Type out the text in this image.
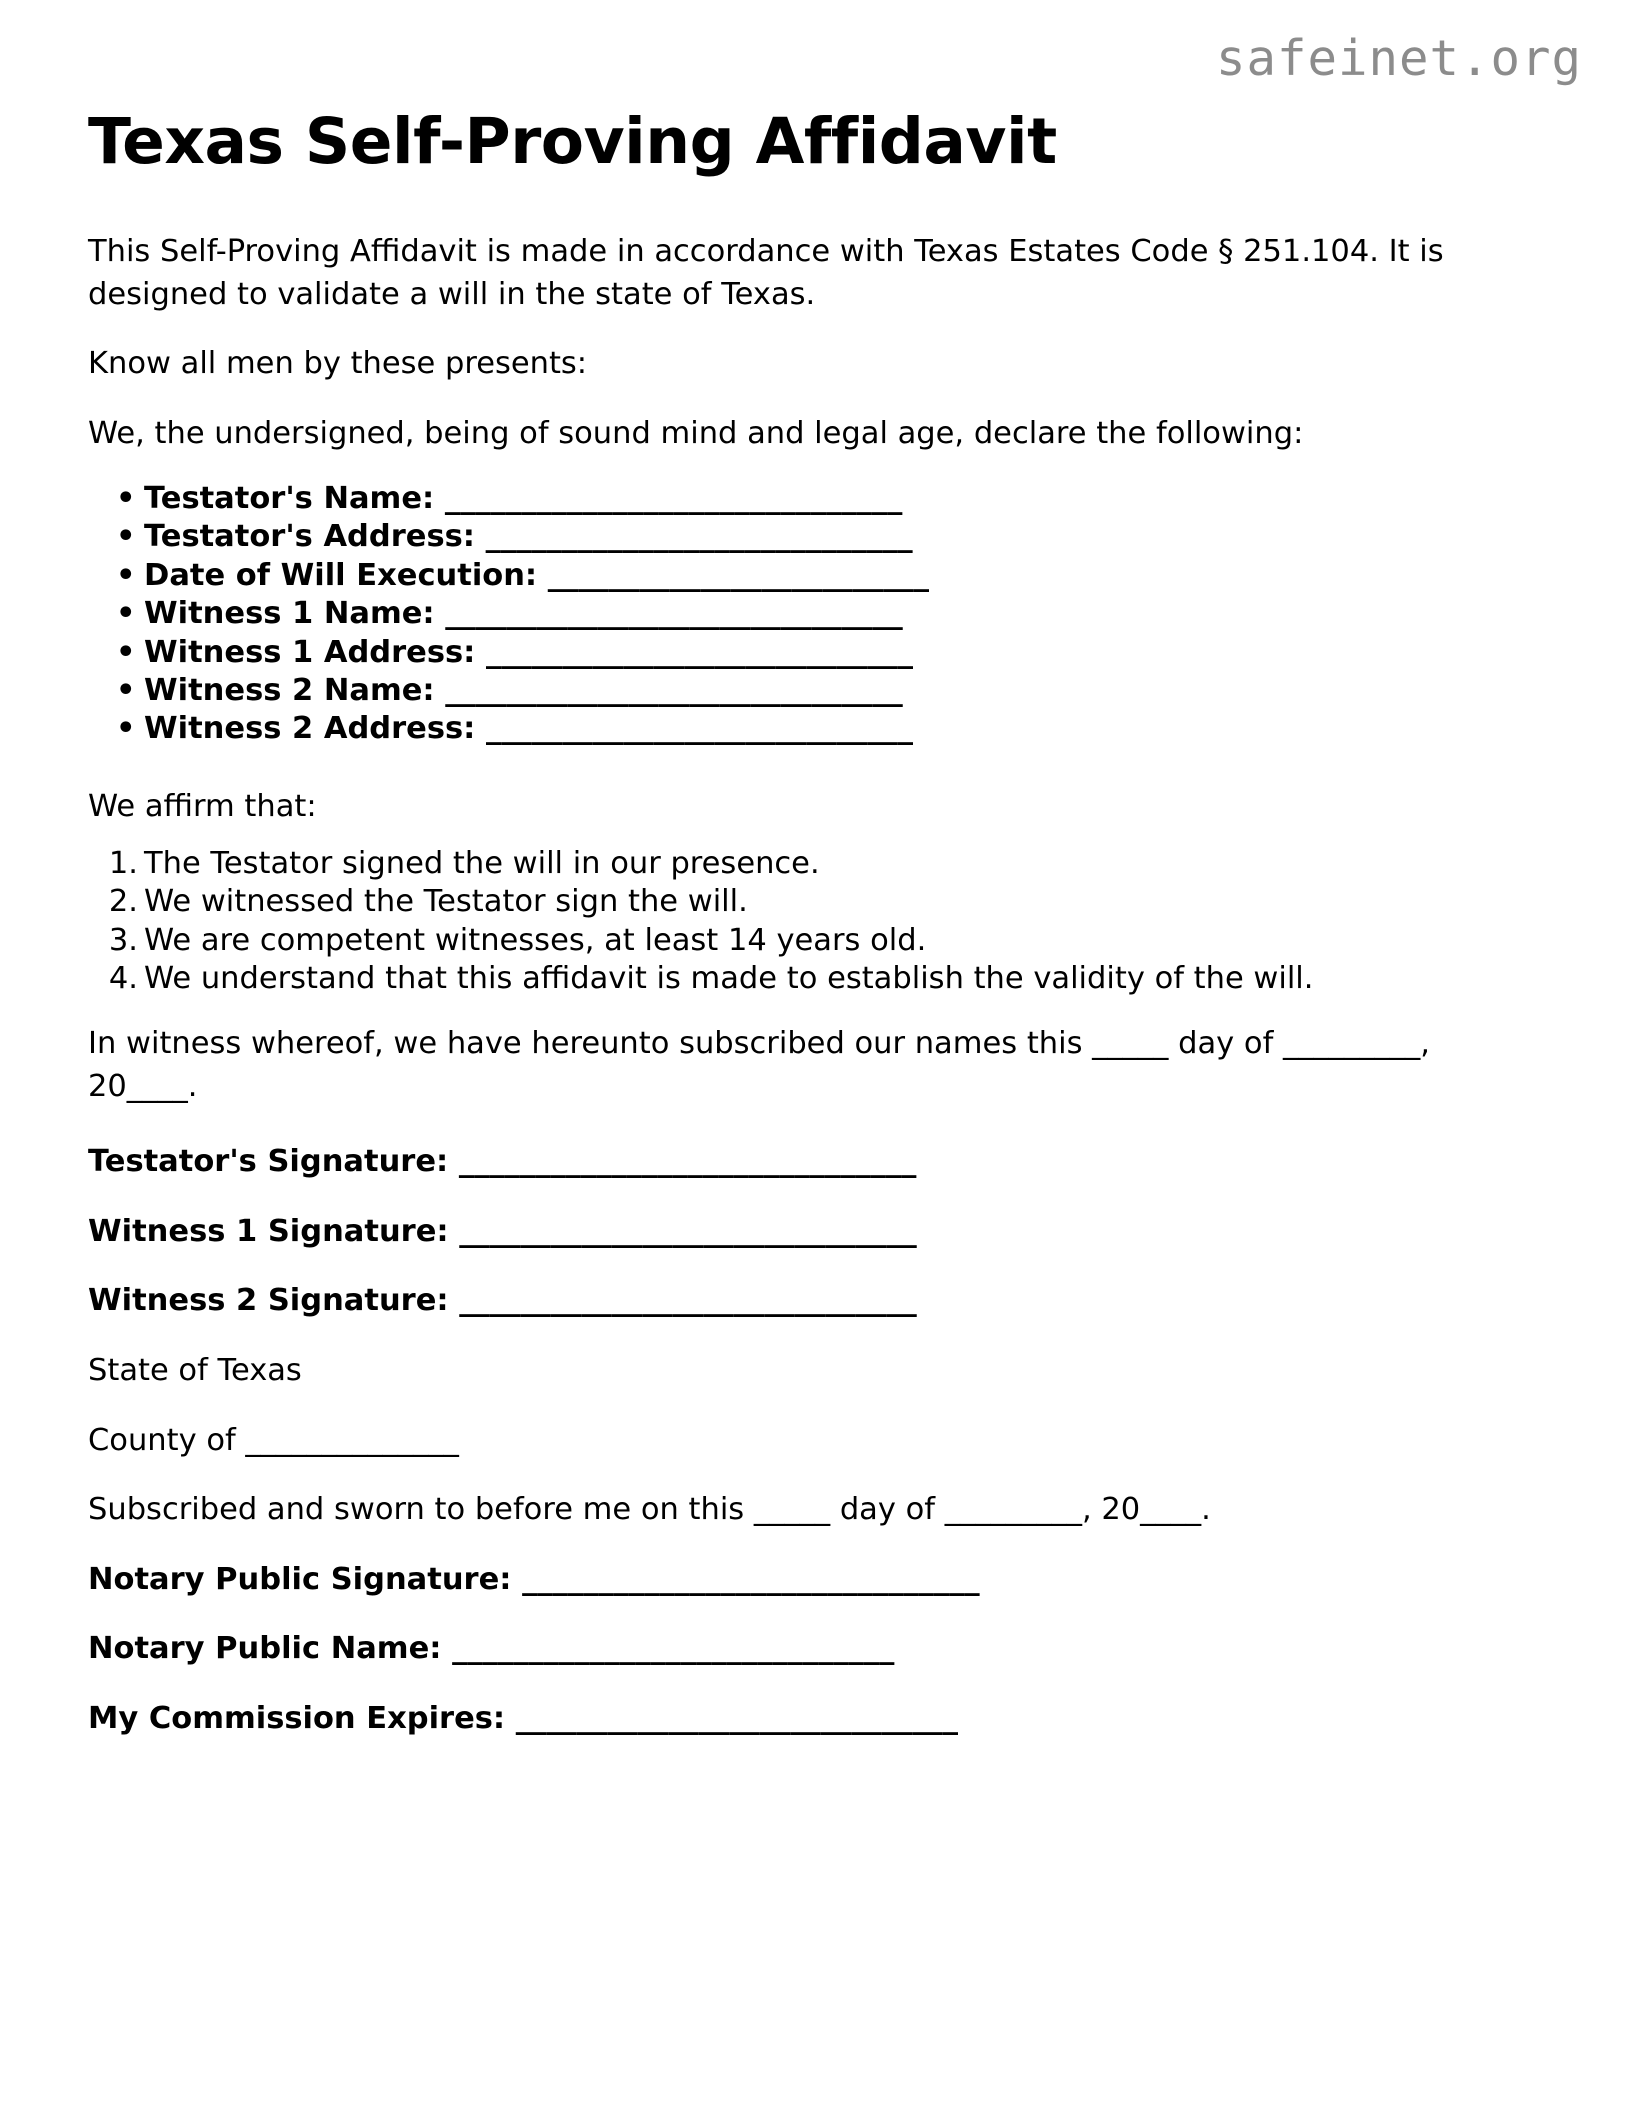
safeinet.org
Texas Self-Proving Affidavit

This Self-Proving Affidavit is made in accordance with Texas Estates Code § 251.104. It is designed to validate a will in the state of Texas.

Know all men by these presents:

We, the undersigned, being of sound mind and legal age, declare the following:

• Testator's Name: ______________________________
• Testator's Address: ____________________________
• Date of Will Execution: _________________________
• Witness 1 Name: ______________________________
• Witness 1 Address: ____________________________
• Witness 2 Name: ______________________________
• Witness 2 Address: ____________________________

We affirm that:

The Testator signed the will in our presence.
We witnessed the Testator sign the will.
We are competent witnesses, at least 14 years old.
We understand that this affidavit is made to establish the validity of the will.

In witness whereof, we have hereunto subscribed our names this _____ day of _________, 20____.

Testator's Signature: ______________________________
Witness 1 Signature: ______________________________
Witness 2 Signature: ______________________________

State of Texas

County of ______________

Subscribed and sworn to before me on this _____ day of _________, 20____.

Notary Public Signature: ______________________________
Notary Public Name: _____________________________
My Commission Expires: _____________________________
